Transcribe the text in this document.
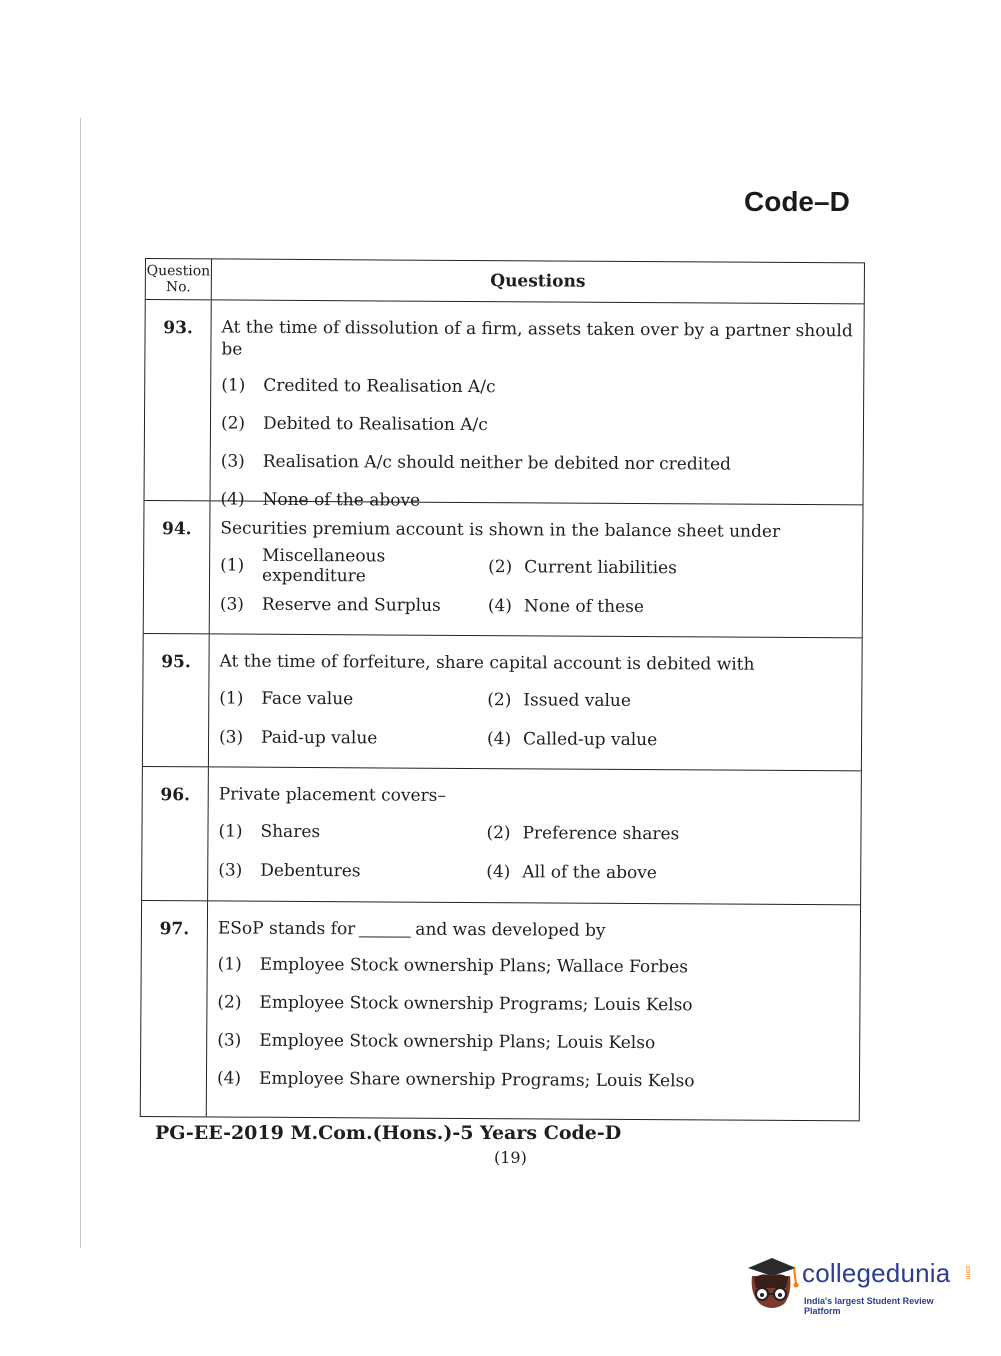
Code–D
Question No.	Questions
93.	At the time of dissolution of a firm, assets taken over by a partner should be
(1)	Credited to Realisation A/c
(2)	Debited to Realisation A/c
(3)	Realisation A/c should neither be debited nor credited
(4)	None of the above
94.	Securities premium account is shown in the balance sheet under
(1)	Miscellaneous expenditure	(2) Current liabilities
(3)	Reserve and Surplus	(4) None of these
95.	At the time of forfeiture, share capital account is debited with
(1)	Face value	(2) Issued value
(3)	Paid-up value	(4) Called-up value
96.	Private placement covers–
(1)	Shares	(2) Preference shares
(3)	Debentures	(4) All of the above
97.	ESoP stands for	and was developed by
(1)	Employee Stock ownership Plans; Wallace Forbes
(2)	Employee Stock ownership Programs; Louis Kelso
(3)	Employee Stock ownership Plans; Louis Kelso
(4)	Employee Share ownership Programs; Louis Kelso
PG-EE-2019 M.Com.(Hons.)-5 Years Code-D
(19)
collegedunia .com
India's largest Student Review Platform
